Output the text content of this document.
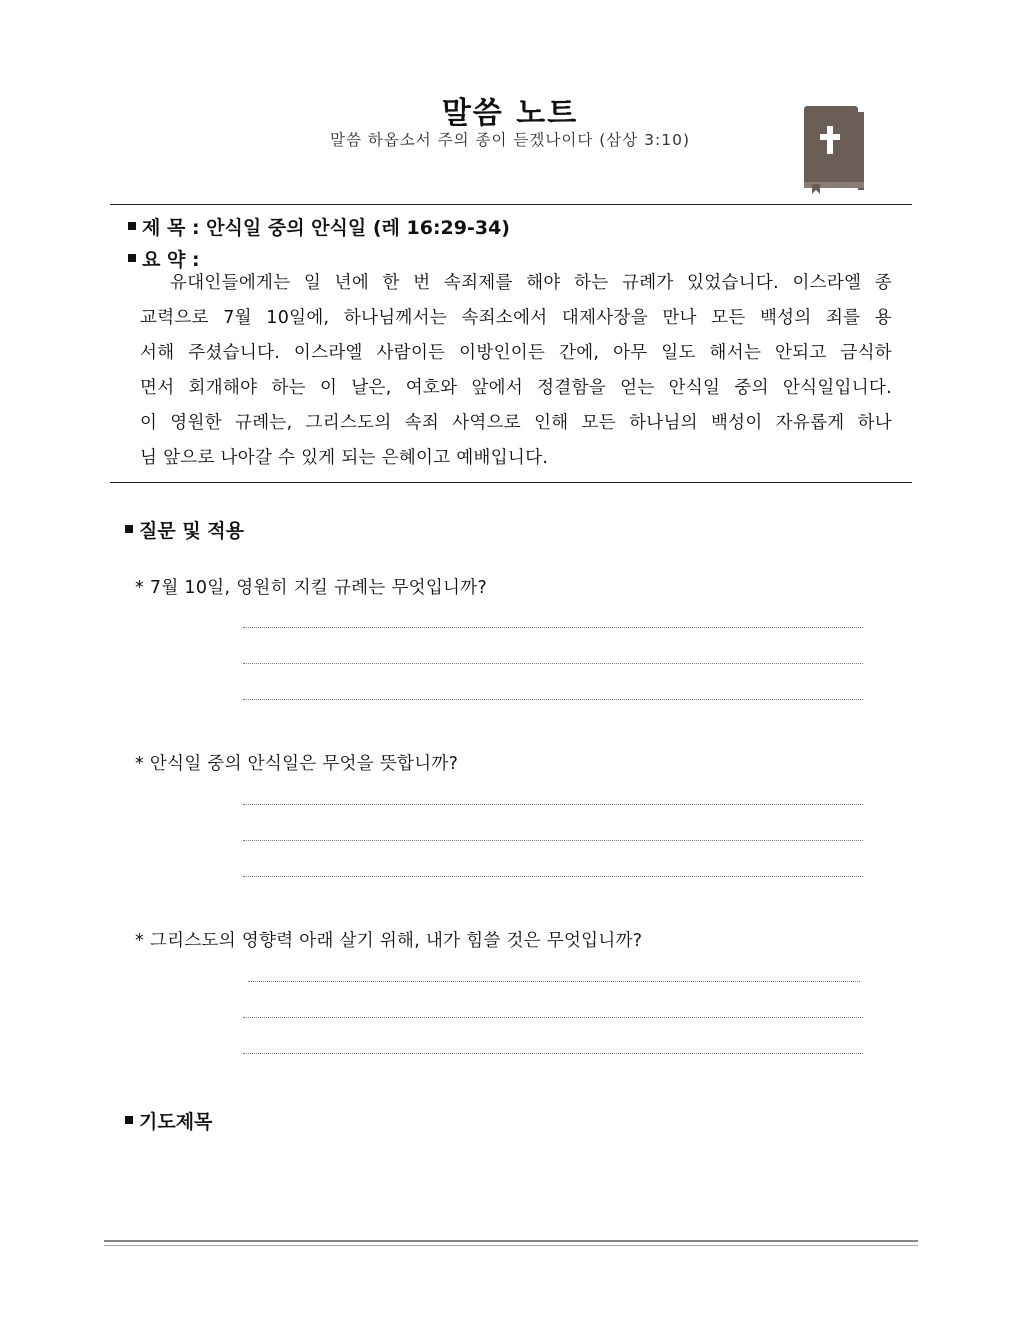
말씀 노트
말씀 하옵소서 주의 종이 듣겠나이다 (삼상 3:10)
제 목 : 안식일 중의 안식일 (레 16:29-34)
요 약 :
유대인들에게는 일 년에 한 번 속죄제를 해야 하는 규례가 있었습니다. 이스라엘 종
교력으로 7월 10일에, 하나님께서는 속죄소에서 대제사장을 만나 모든 백성의 죄를 용
서해 주셨습니다. 이스라엘 사람이든 이방인이든 간에, 아무 일도 해서는 안되고 금식하
면서 회개해야 하는 이 날은, 여호와 앞에서 정결함을 얻는 안식일 중의 안식일입니다.
이 영원한 규례는, 그리스도의 속죄 사역으로 인해 모든 하나님의 백성이 자유롭게 하나
님 앞으로 나아갈 수 있게 되는 은혜이고 예배입니다.
질문 및 적용
* 7월 10일, 영원히 지킬 규례는 무엇입니까?
* 안식일 중의 안식일은 무엇을 뜻합니까?
* 그리스도의 영향력 아래 살기 위해, 내가 힘쓸 것은 무엇입니까?
기도제목
